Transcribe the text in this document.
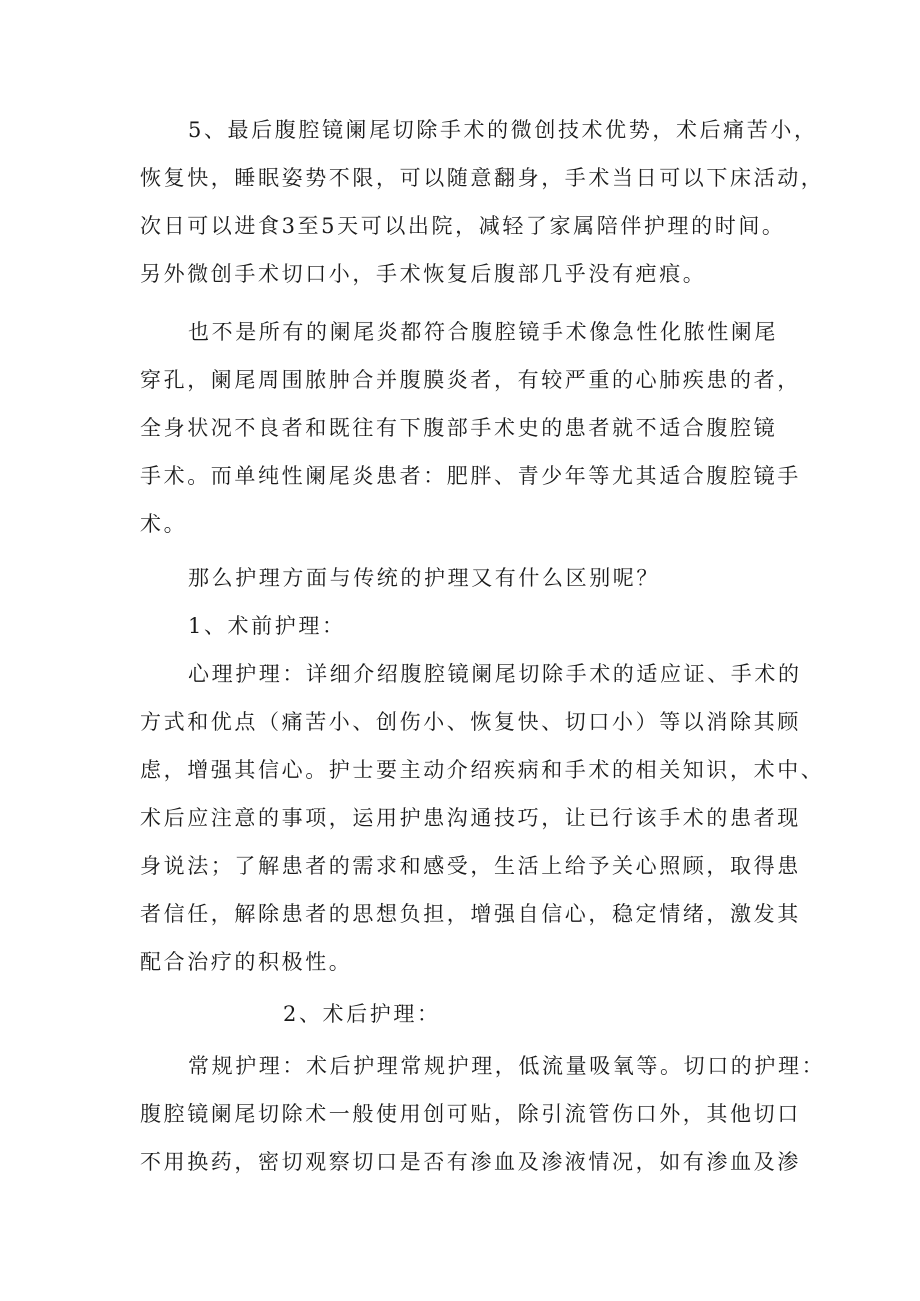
5、最后腹腔镜阑尾切除手术的微创技术优势，术后痛苦小，
恢复快，睡眠姿势不限，可以随意翻身，手术当日可以下床活动，
次日可以进食3至5天可以出院，减轻了家属陪伴护理的时间。
另外微创手术切口小，手术恢复后腹部几乎没有疤痕。
也不是所有的阑尾炎都符合腹腔镜手术像急性化脓性阑尾
穿孔，阑尾周围脓肿合并腹膜炎者，有较严重的心肺疾患的者，
全身状况不良者和既往有下腹部手术史的患者就不适合腹腔镜
手术。而单纯性阑尾炎患者：肥胖、青少年等尤其适合腹腔镜手
术。
那么护理方面与传统的护理又有什么区别呢？
1、术前护理：
心理护理：详细介绍腹腔镜阑尾切除手术的适应证、手术的
方式和优点（痛苦小、创伤小、恢复快、切口小）等以消除其顾
虑，增强其信心。护士要主动介绍疾病和手术的相关知识，术中、
术后应注意的事项，运用护患沟通技巧，让已行该手术的患者现
身说法；了解患者的需求和感受，生活上给予关心照顾，取得患
者信任，解除患者的思想负担，增强自信心，稳定情绪，激发其
配合治疗的积极性。
2、术后护理：
常规护理：术后护理常规护理，低流量吸氧等。切口的护理：
腹腔镜阑尾切除术一般使用创可贴，除引流管伤口外，其他切口
不用换药，密切观察切口是否有渗血及渗液情况，如有渗血及渗
